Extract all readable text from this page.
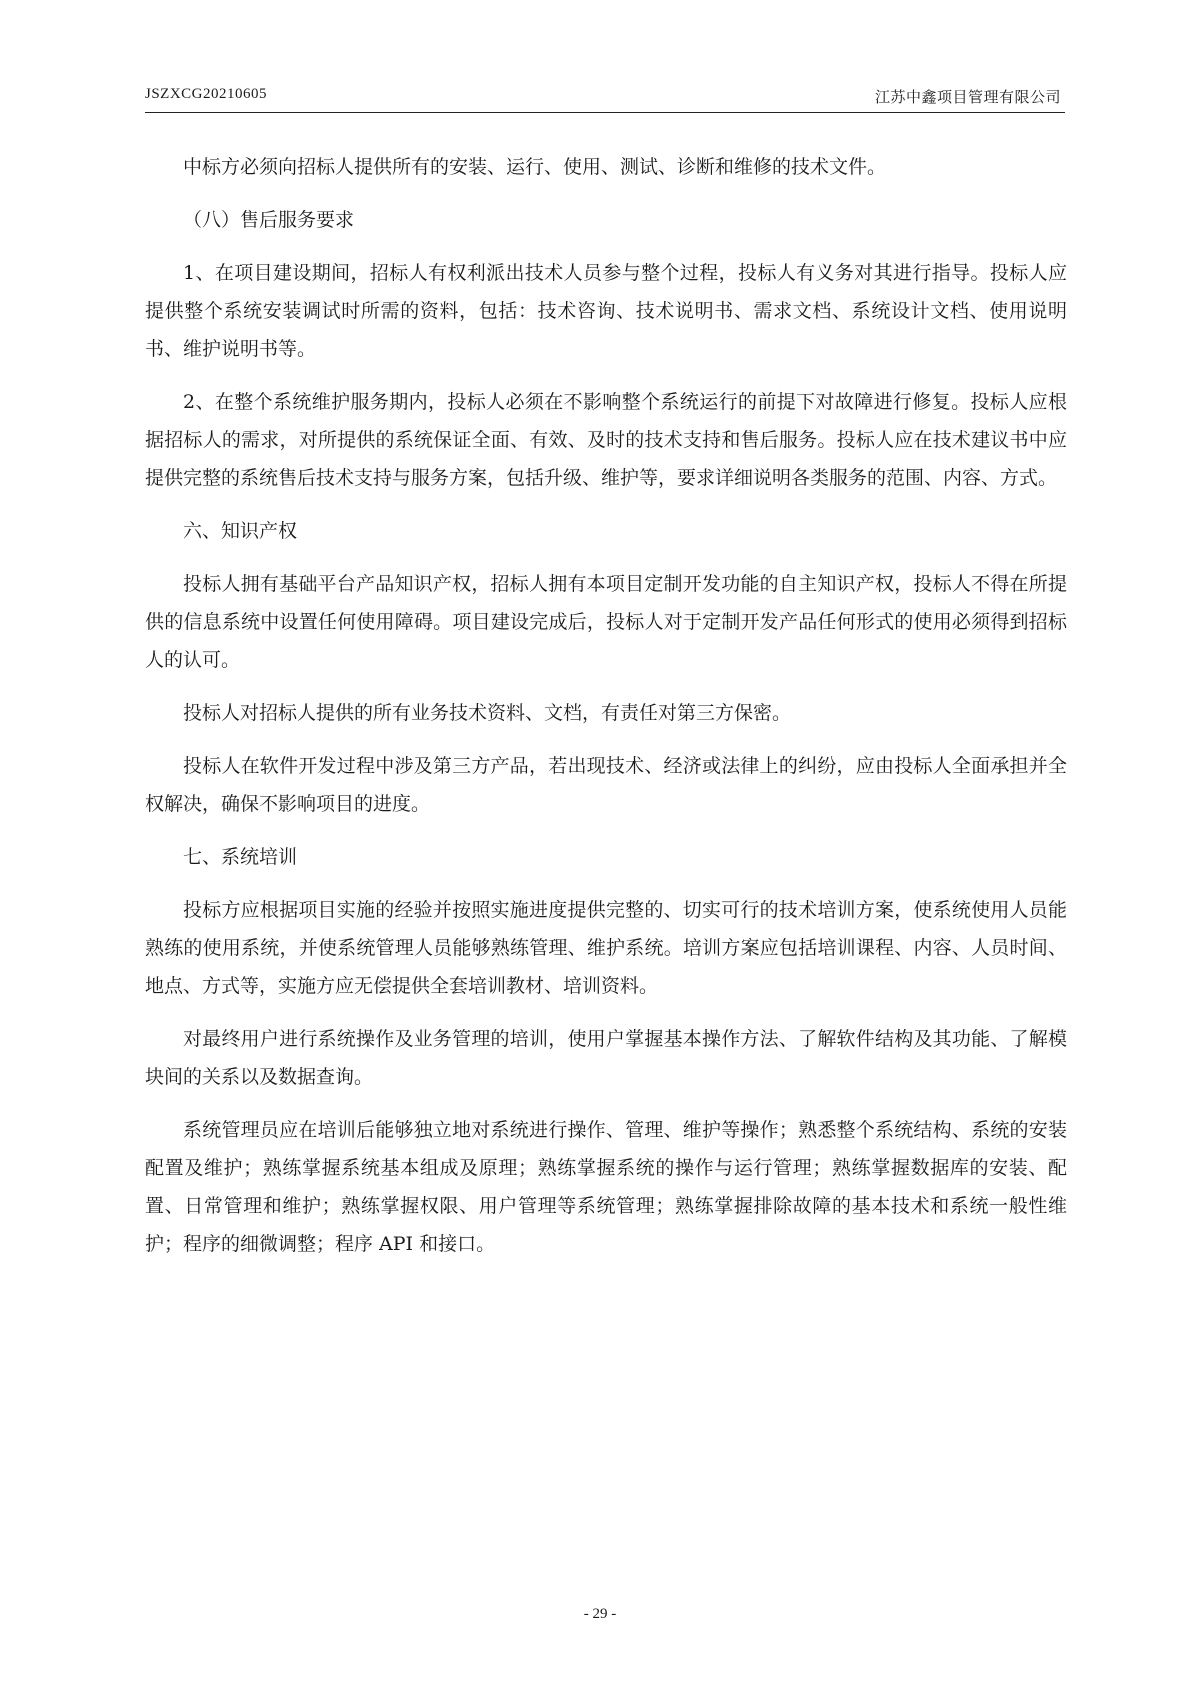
JSZXCG20210605	江苏中鑫项目管理有限公司

中标方必须向招标人提供所有的安装、运行、使用、测试、诊断和维修的技术文件。

（八）售后服务要求

1、在项目建设期间，招标人有权利派出技术人员参与整个过程，投标人有义务对其进行指导。投标人应提供整个系统安装调试时所需的资料，包括：技术咨询、技术说明书、需求文档、系统设计文档、使用说明书、维护说明书等。

2、在整个系统维护服务期内，投标人必须在不影响整个系统运行的前提下对故障进行修复。投标人应根据招标人的需求，对所提供的系统保证全面、有效、及时的技术支持和售后服务。投标人应在技术建议书中应提供完整的系统售后技术支持与服务方案，包括升级、维护等，要求详细说明各类服务的范围、内容、方式。

六、知识产权

投标人拥有基础平台产品知识产权，招标人拥有本项目定制开发功能的自主知识产权，投标人不得在所提供的信息系统中设置任何使用障碍。项目建设完成后，投标人对于定制开发产品任何形式的使用必须得到招标人的认可。

投标人对招标人提供的所有业务技术资料、文档，有责任对第三方保密。

投标人在软件开发过程中涉及第三方产品，若出现技术、经济或法律上的纠纷，应由投标人全面承担并全权解决，确保不影响项目的进度。

七、系统培训

投标方应根据项目实施的经验并按照实施进度提供完整的、切实可行的技术培训方案，使系统使用人员能熟练的使用系统，并使系统管理人员能够熟练管理、维护系统。培训方案应包括培训课程、内容、人员时间、地点、方式等，实施方应无偿提供全套培训教材、培训资料。

对最终用户进行系统操作及业务管理的培训，使用户掌握基本操作方法、了解软件结构及其功能、了解模块间的关系以及数据查询。

系统管理员应在培训后能够独立地对系统进行操作、管理、维护等操作；熟悉整个系统结构、系统的安装配置及维护；熟练掌握系统基本组成及原理；熟练掌握系统的操作与运行管理；熟练掌握数据库的安装、配置、日常管理和维护；熟练掌握权限、用户管理等系统管理；熟练掌握排除故障的基本技术和系统一般性维护；程序的细微调整；程序 API 和接口。

- 29 -
